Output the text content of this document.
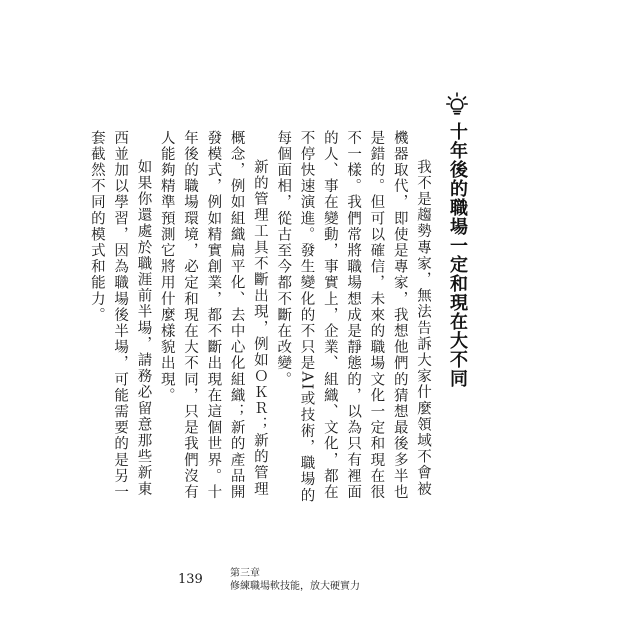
十年後的職場一定和現在大不同

我不是趨勢專家，無法告訴大家什麼領域不會被機器取代，即使是專家，我想他們的猜想最後多半也是錯的。但可以確信，未來的職場文化一定和現在很不一樣。我們常將職場想成是靜態的，以為只有裡面的人、事在變動，事實上，企業、組織、文化，都在不停快速演進。發生變化的不只是AI或技術，職場的每個面相，從古至今都不斷在改變。

新的管理工具不斷出現，例如ＯＫＲ；新的管理概念，例如組織扁平化、去中心化組織；新的產品開發模式，例如精實創業，都不斷出現在這個世界。十年後的職場環境，必定和現在大不同，只是我們沒有人能夠精準預測它將用什麼樣貌出現。

如果你還處於職涯前半場，請務必留意那些新東西並加以學習，因為職場後半場，可能需要的是另一套截然不同的模式和能力。

139	第三章
修練職場軟技能，放大硬實力
